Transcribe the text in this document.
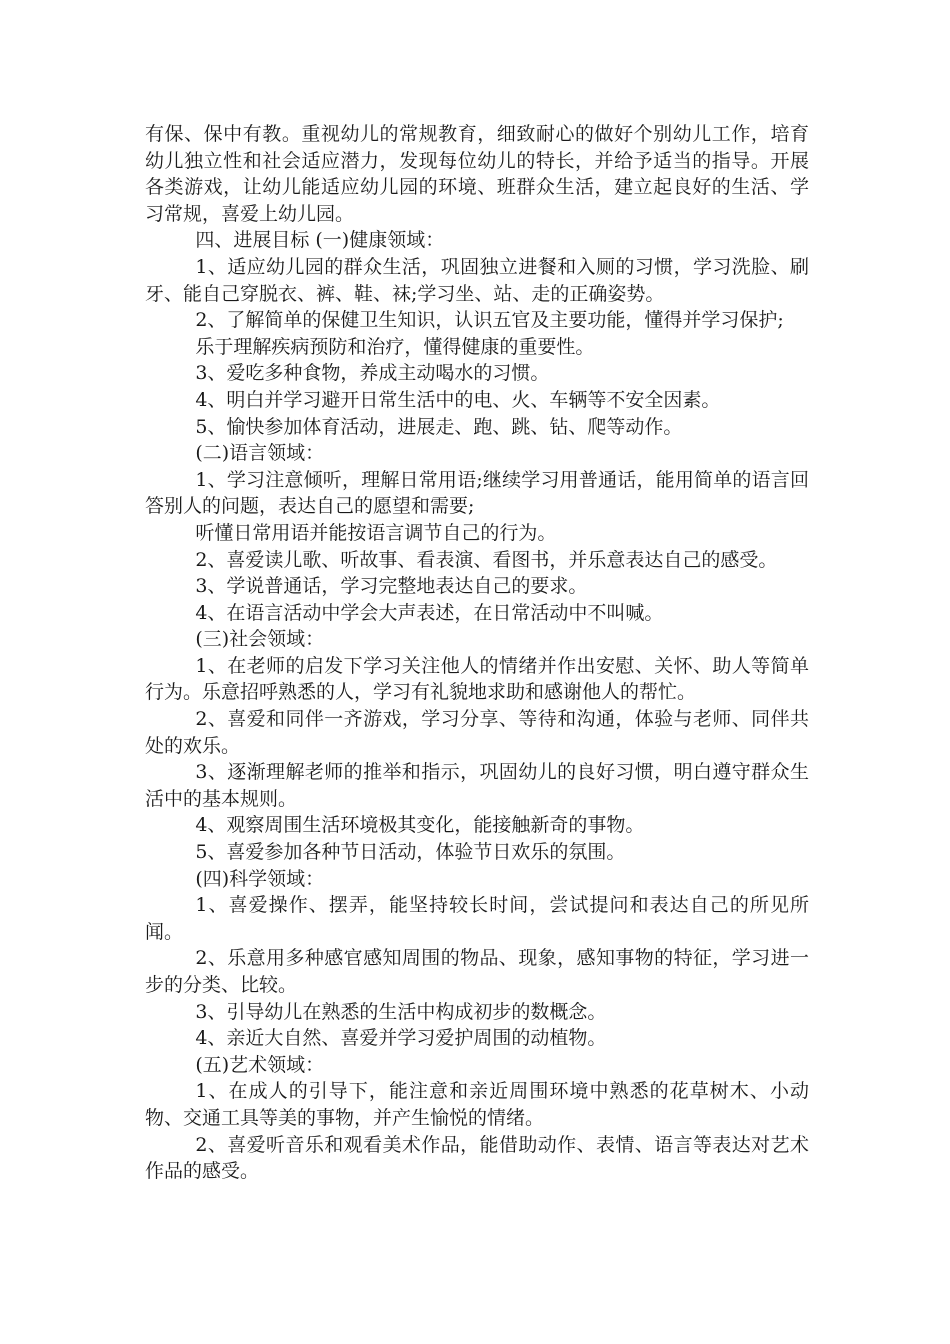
有保、保中有教。重视幼儿的常规教育，细致耐心的做好个别幼儿工作，培育幼儿独立性和社会适应潜力，发现每位幼儿的特长，并给予适当的指导。开展各类游戏，让幼儿能适应幼儿园的环境、班群众生活，建立起良好的生活、学习常规，喜爱上幼儿园。

四、进展目标 (一)健康领域：

1、适应幼儿园的群众生活，巩固独立进餐和入厕的习惯，学习洗脸、刷牙、能自己穿脱衣、裤、鞋、袜;学习坐、站、走的正确姿势。

2、了解简单的保健卫生知识，认识五官及主要功能，懂得并学习保护;

乐于理解疾病预防和治疗，懂得健康的重要性。

3、爱吃多种食物，养成主动喝水的习惯。

4、明白并学习避开日常生活中的电、火、车辆等不安全因素。

5、愉快参加体育活动，进展走、跑、跳、钻、爬等动作。

(二)语言领域：

1、学习注意倾听，理解日常用语;继续学习用普通话，能用简单的语言回答别人的问题，表达自己的愿望和需要;

听懂日常用语并能按语言调节自己的行为。

2、喜爱读儿歌、听故事、看表演、看图书，并乐意表达自己的感受。

3、学说普通话，学习完整地表达自己的要求。

4、在语言活动中学会大声表述，在日常活动中不叫喊。

(三)社会领域：

1、在老师的启发下学习关注他人的情绪并作出安慰、关怀、助人等简单行为。乐意招呼熟悉的人，学习有礼貌地求助和感谢他人的帮忙。

2、喜爱和同伴一齐游戏，学习分享、等待和沟通，体验与老师、同伴共处的欢乐。

3、逐渐理解老师的推举和指示，巩固幼儿的良好习惯，明白遵守群众生活中的基本规则。

4、观察周围生活环境极其变化，能接触新奇的事物。

5、喜爱参加各种节日活动，体验节日欢乐的氛围。

(四)科学领域：

1、喜爱操作、摆弄，能坚持较长时间，尝试提问和表达自己的所见所闻。

2、乐意用多种感官感知周围的物品、现象，感知事物的特征，学习进一步的分类、比较。

3、引导幼儿在熟悉的生活中构成初步的数概念。

4、亲近大自然、喜爱并学习爱护周围的动植物。

(五)艺术领域：

1、在成人的引导下，能注意和亲近周围环境中熟悉的花草树木、小动物、交通工具等美的事物，并产生愉悦的情绪。

2、喜爱听音乐和观看美术作品，能借助动作、表情、语言等表达对艺术作品的感受。
